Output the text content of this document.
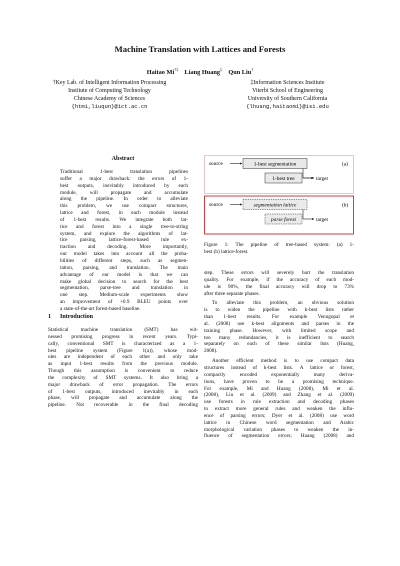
Machine Translation with Lattices and Forests
Haitao Mi†‡ Liang Huang‡ Qun Liu†
†Key Lab. of Intelligent Information Processing
Institute of Computing Technology
Chinese Academy of Sciences
{htmi,liuqun}@ict.ac.cn
‡Information Sciences Institute
Viterbi School of Engineering
University of Southern California
{lhuang,haitaomi}@isi.edu
Abstract
Traditional 1-best translation pipelines
suffer a major drawback: the errors of 1-
best outputs, inevitably introduced by each
module, will propagate and accumulate
along the pipeline. In order to alleviate
this problem, we use compact structures,
lattice and forest, in each module instead
of 1-best results. We integrate both lat-
tice and forest into a single tree-to-string
system, and explore the algorithms of lat-
tice parsing, lattice-forest-based rule ex-
traction and decoding. More importantly,
our model takes into account all the proba-
bilities of different steps, such as segmen-
tation, parsing, and translation. The main
advantage of our model is that we can
make global decision to search for the best
segmentation, parse-tree and translation in
one step. Medium-scale experiments show
an improvement of +0.9 BLEU points over
a state-of-the-art forest-based baseline.
1 Introduction
Statistical machine translation (SMT) has wit-
nessed promising progress in recent years. Typi-
cally, conventional SMT is characterized as a 1-
best pipeline system (Figure 1(a)), whose mod-
ules are independent of each other and only take
as input 1-best results from the previous module.
Though this assumption is convenient to reduce
the complexity of SMT systems. It also bring a
major drawback of error propagation. The errors
of 1-best outputs, introduced inevitably in each
phase, will propagate and accumulate along the
pipeline. Not recoverable in the final decoding
source	1-best segmentation	(a)
1-best tree	target
source	segmentation lattice	(b)
parse forest	target
Figure 1: The pipeline of tree-based system: (a) 1-
best (b) lattice-forest.
step. These errors will severely hurt the translation
quality. For example, if the accuracy of each mod-
ule is 90%, the final accuracy will drop to 73%
after three separate phases.
To alleviate this problem, an obvious solution
is to widen the pipeline with k-best lists rather
than 1-best results. For example Venugopal et
al. (2008) use k-best alignments and parses in the
training phase. However, with limited scope and
too many redundancies, it is inefficient to search
separately on each of these similar lists (Huang,
2008).
Another efficient method is to use compact data
structures instead of k-best lists. A lattice or forest,
compactly encoded exponentially many deriva-
tions, have proven to be a promising technique.
For example, Mi and Huang (2008), Mi et al.
(2008), Liu et al. (2009) and Zhang et al. (2009)
use forests in rule extraction and decoding phases
to extract more general rules and weaken the influ-
ence of parsing errors; Dyer et al. (2008) use word
lattice in Chinese word segmentation and Arabic
morphological variation phases to weaken the in-
fluence of segmentation errors; Huang (2008) and
